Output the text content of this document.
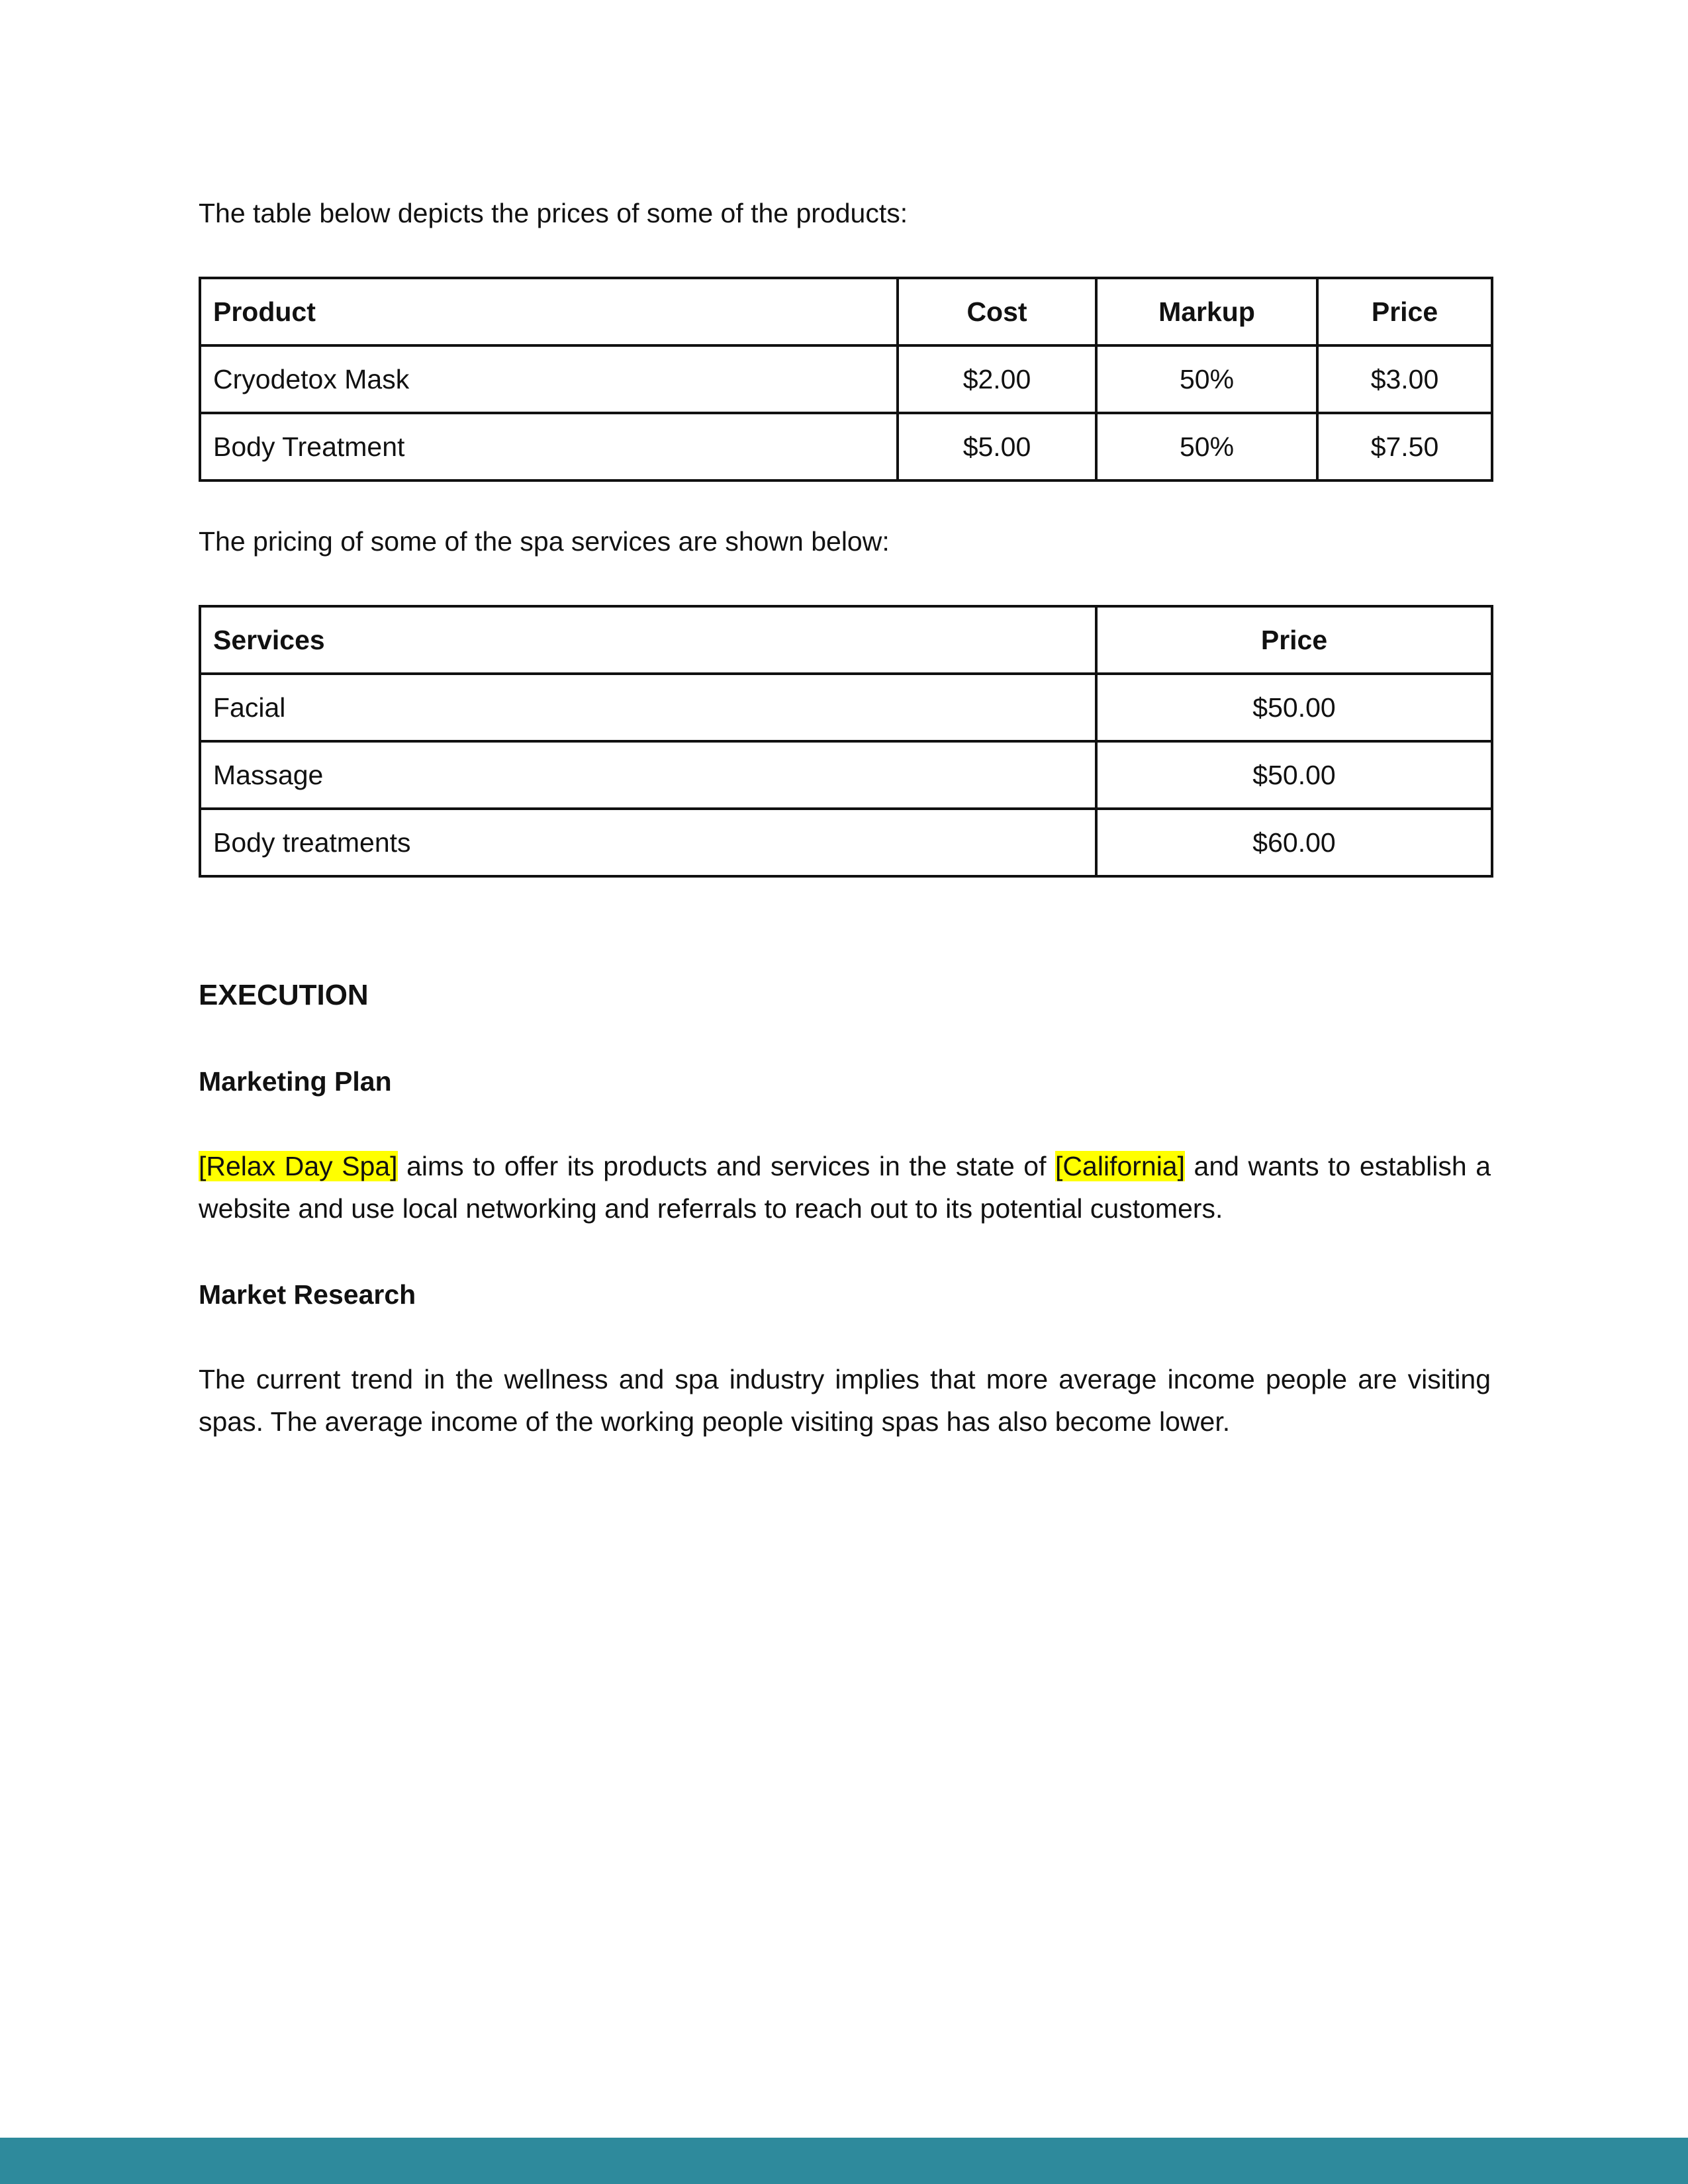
The table below depicts the prices of some of the products:

Product	Cost	Markup	Price
Cryodetox Mask	$2.00	50%	$3.00
Body Treatment	$5.00	50%	$7.50

The pricing of some of the spa services are shown below:

Services	Price
Facial	$50.00
Massage	$50.00
Body treatments	$60.00
EXECUTION
Marketing Plan

[Relax Day Spa] aims to offer its products and services in the state of [California] and wants to establish a website and use local networking and referrals to reach out to its potential customers.

Market Research

The current trend in the wellness and spa industry implies that more average income people are visiting spas. The average income of the working people visiting spas has also become lower.
